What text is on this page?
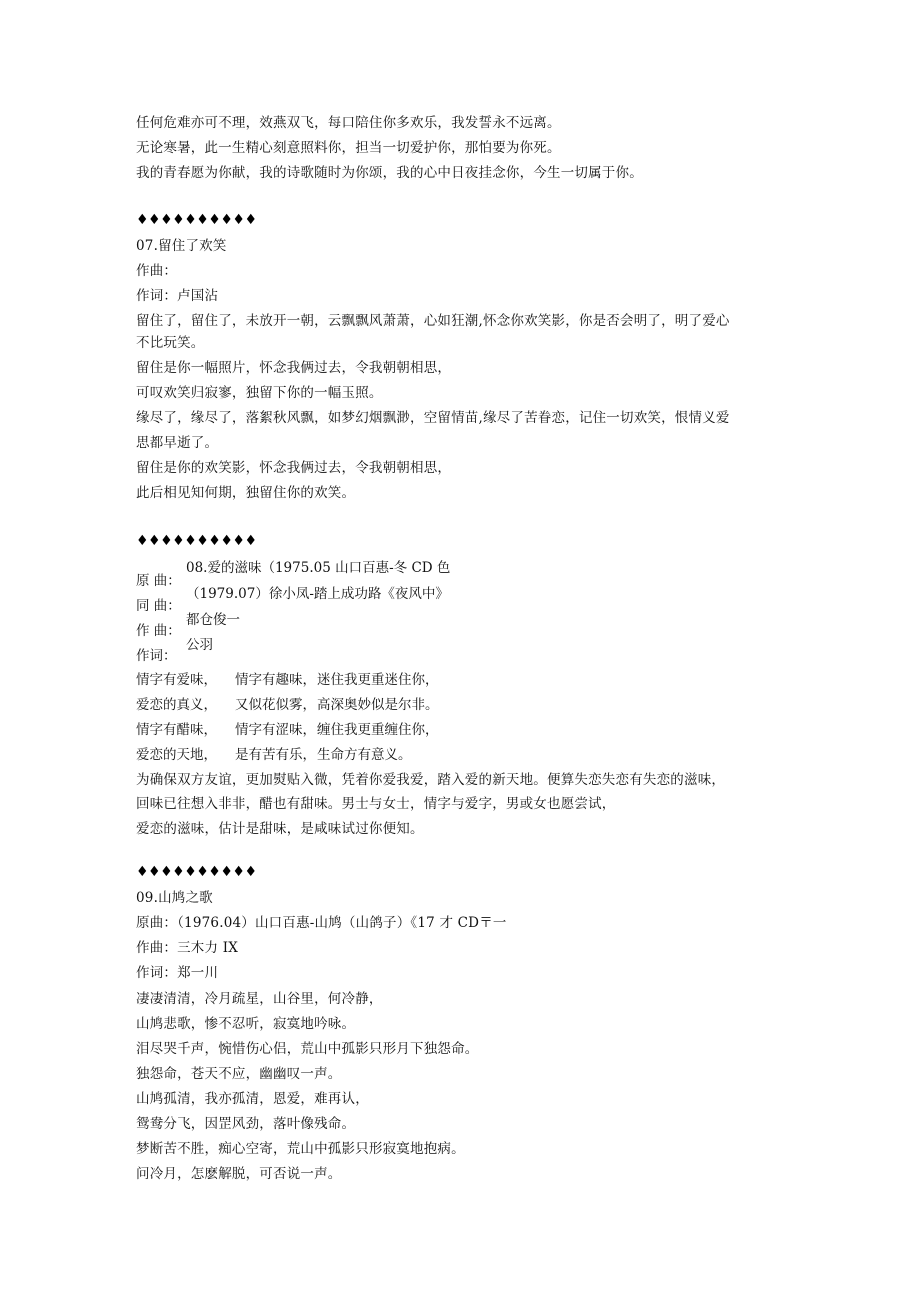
任何危难亦可不理，效燕双飞，每口陪住你多欢乐，我发誓永不远离。
无论寒暑，此一生精心刻意照料你，担当一切爱护你，那怕要为你死。
我的青春愿为你献，我的诗歌随时为你颂，我的心中日夜挂念你，今生一切属于你。
♦♦♦♦♦♦♦♦♦♦
07.留住了欢笑
作曲：
作词：卢国沾
留住了，留住了，未放开一朝，云飘飘风萧萧，心如狂潮,怀念你欢笑影，你是否会明了，明了爱心
不比玩笑。
留住是你一幅照片，怀念我俩过去，令我朝朝相思，
可叹欢笑归寂寥，独留下你的一幅玉照。
缘尽了，缘尽了，落絮秋风飘，如梦幻烟飘渺，空留情苗,缘尽了苦眷恋，记住一切欢笑，恨情义爱
思都早逝了。
留住是你的欢笑影，怀念我俩过去，令我朝朝相思，
此后相见知何期，独留住你的欢笑。
♦♦♦♦♦♦♦♦♦♦
原 曲：
同 曲：
作 曲：
作词：
08.爱的滋味（1975.05 山口百惠-冬 CD 色
（1979.07）徐小凤-踏上成功路《夜风中》
都仓俊一
公羽
情字有爱味， 情字有趣味， 迷住我更重迷住你，
爱恋的真义， 又似花似雾， 高深奥妙似是尔非。
情字有醋味， 情字有涩味， 缠住我更重缠住你，
爱恋的天地， 是有苦有乐， 生命方有意义。
为确保双方友谊，更加熨贴入微，凭着你爱我爱，踏入爱的新天地。便算失恋失恋有失恋的滋味，
回味已往想入非非，醋也有甜味。男士与女士，情字与爱字，男或女也愿尝试，
爱恋的滋味，估计是甜味，是咸味试过你便知。
♦♦♦♦♦♦♦♦♦♦
09.山鸠之歌
原曲：（1976.04）山口百惠-山鸠（山鸽子）《17 才 CD〒一
作曲：三木力 IX
作词：郑一川
凄凄清清，冷月疏星，山谷里，何冷静，
山鸠悲歌，惨不忍听，寂寞地吟咏。
泪尽哭千声，惋惜伤心侣，荒山中孤影只形月下独怨命。
独怨命，苍天不应，幽幽叹一声。
山鸠孤清，我亦孤清，恩爱，难再认，
鸳鸯分飞，因罡风劲，落叶像残命。
梦断苦不胜，痴心空寄，荒山中孤影只形寂寞地抱病。
问冷月，怎麽解脱，可否说一声。
